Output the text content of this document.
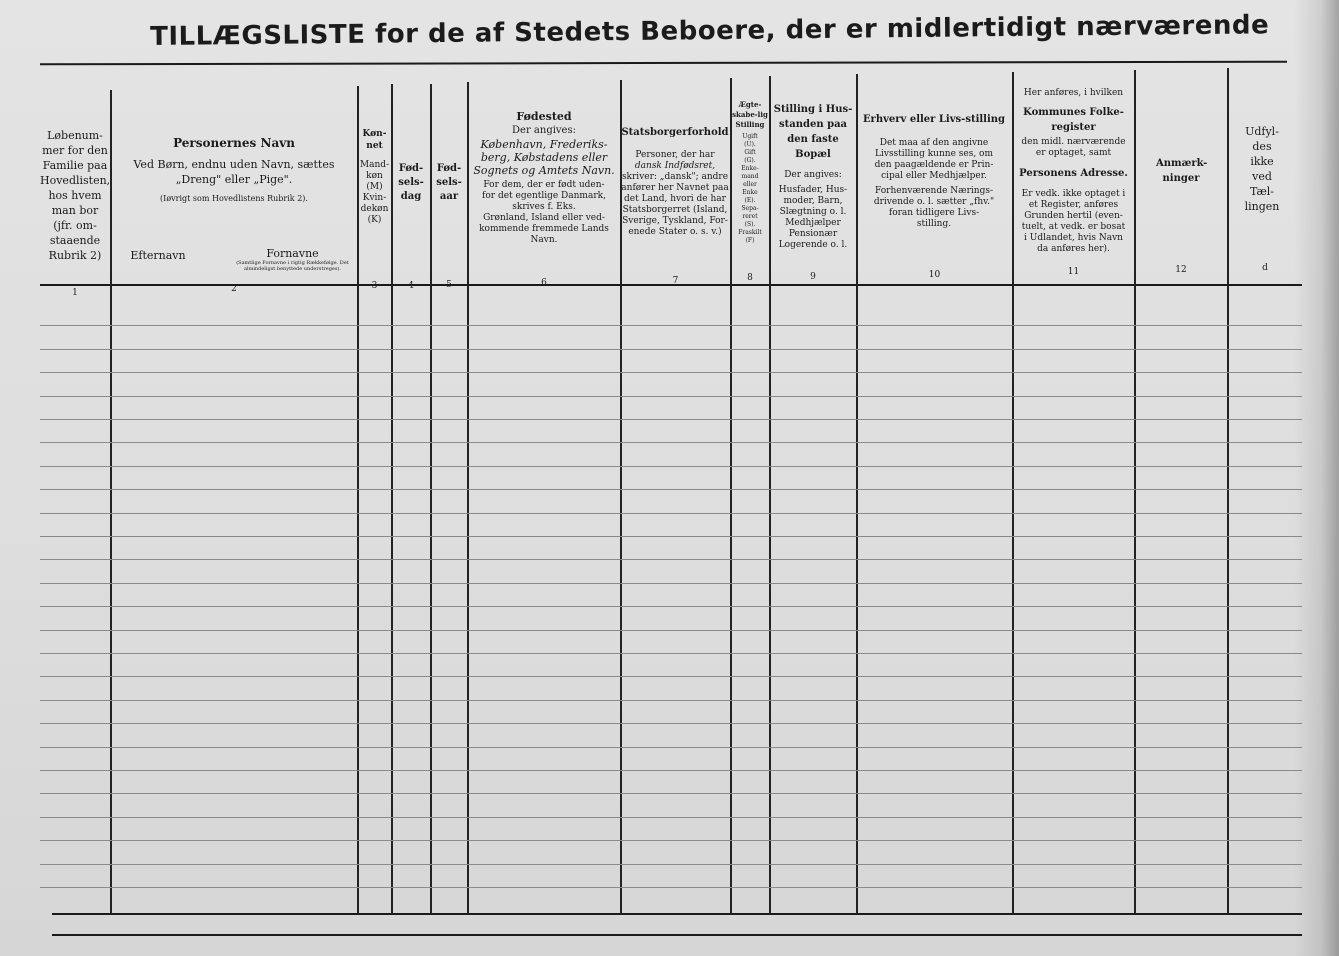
TILLÆGSLISTE for de af Stedets Beboere, der er midlertidigt nærværende
Løbenum-
mer for den
Familie paa
Hovedlisten,
hos hvem
man bor
(jfr. om-
staaende
Rubrik 2)
Personernes Navn
Ved Børn, endnu uden Navn, sættes
„Dreng" eller „Pige".
(Iøvrigt som Hovedlistens Rubrik 2).
Efternavn	Fornavne
(Samtlige Fornavne i rigtig Rækkefølge. Det almindeligst benyttede understreges).
Køn-net
Mand-
køn
(M)
Kvin-
dekøn
(K)
Fød-sels-dag
Fød-sels-aar
Fødested
Der angives:
København, Frederiks-
berg, Købstadens eller
Sognets og Amtets Navn.
For dem, der er født uden-
for det egentlige Danmark,
skrives f. Eks.
Grønland, Island eller ved-
kommende fremmede Lands
Navn.
Statsborgerforhold
Personer, der har
dansk Indfødsret,
skriver: „dansk"; andre
anfører her Navnet paa
det Land, hvori de har
Statsborgerret (Island,
Sverige, Tyskland, For-
enede Stater o. s. v.)
Ægte-skabe-lig Stilling
Ugift
(U).
Gift
(G).
Enke-
mand
eller
Enke
(E).
Sepa-
reret
(S).
Fraskilt
(F)
Stilling i Hus-standen paa den faste Bopæl
Der angives:
Husfader, Hus-
moder, Barn,
Slægtning o. l.
Medhjælper
Pensionær
Logerende o. l.
Erhverv eller Livs-stilling
Det maa af den angivne
Livsstilling kunne ses, om
den paagældende er Prin-
cipal eller Medhjælper.
Forhenværende Nærings-
drivende o. l. sætter „fhv."
foran tidligere Livs-
stilling.
Her anføres, i hvilken
Kommunes Folke-register
den midl. nærværende
er optaget, samt
Personens Adresse.
Er vedk. ikke optaget i
et Register, anføres
Grunden hertil (even-
tuelt, at vedk. er bosat
i Udlandet, hvis Navn
da anføres her).
Anmærk-ninger
Udfyl-
des
ikke
ved
Tæl-
lingen
1	2	3	4	5	6	7	8	9	10	11	12	d
